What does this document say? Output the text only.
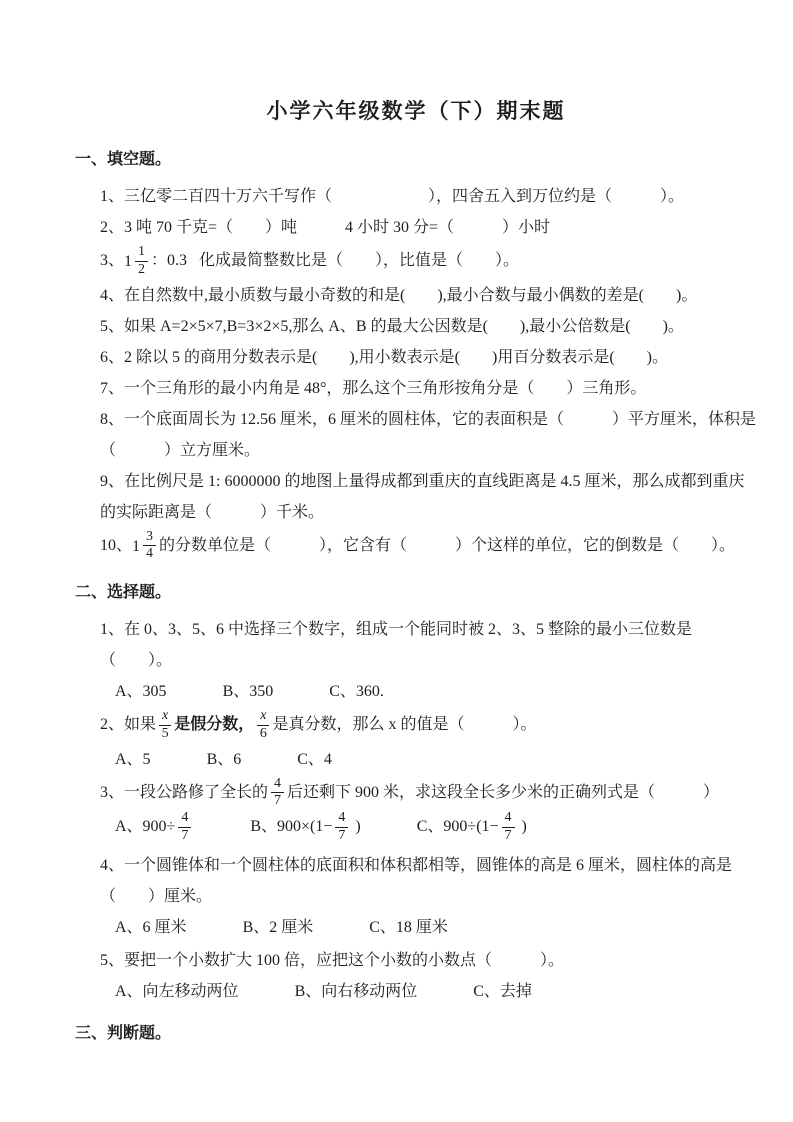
小学六年级数学（下）期末题
一、填空题。

1、三亿零二百四十万六千写作（　　　　　　），四舍五入到万位约是（　　　）。

2、3 吨 70 千克=（　　）吨　　　4 小时 30 分=（　　　）小时

3、$1 \frac{1}{2}$ ：0.3 化成最简整数比是（　　），比值是（　　）。

4、在自然数中,最小质数与最小奇数的和是(　　),最小合数与最小偶数的差是(　　)。

5、如果 A=2×5×7,B=3×2×5,那么 A、B 的最大公因数是(　　),最小公倍数是(　　)。

6、2 除以 5 的商用分数表示是(　　),用小数表示是(　　)用百分数表示是(　　)。

7、一个三角形的最小内角是 48°，那么这个三角形按角分是（　　）三角形。

8、一个底面周长为 12.56 厘米，6 厘米的圆柱体，它的表面积是（　　　）平方厘米，体积是（　　　）立方厘米。

9、在比例尺是 1: 6000000 的地图上量得成都到重庆的直线距离是 4.5 厘米，那么成都到重庆的实际距离是（　　　）千米。

10、$1 \frac{3}{4}$ 的分数单位是（　　　），它含有（　　　）个这样的单位，它的倒数是（　　）。

二、选择题。

1、在 0、3、5、6 中选择三个数字，组成一个能同时被 2、3、5 整除的最小三位数是（　　）。

A、305	B、350	C、360.

2、如果 $\frac{x}{5}$ 是假分数， $\frac{x}{6}$ 是真分数，那么 x 的值是（　　　）。

A、5	B、6	C、4

3、一段公路修了全长的 $\frac{4}{7}$ 后还剩下 900 米，求这段全长多少米的正确列式是（　　　）

A、$900\div \frac{4}{7}$	B、$900\times(1- \frac{4}{7}$ )	C、$900\div(1- \frac{4}{7}$ )

4、一个圆锥体和一个圆柱体的底面积和体积都相等，圆锥体的高是 6 厘米，圆柱体的高是（　　）厘米。

A、6 厘米	B、2 厘米	C、18 厘米

5、要把一个小数扩大 100 倍，应把这个小数的小数点（　　　）。

A、向左移动两位	B、向右移动两位	C、去掉

三、判断题。
